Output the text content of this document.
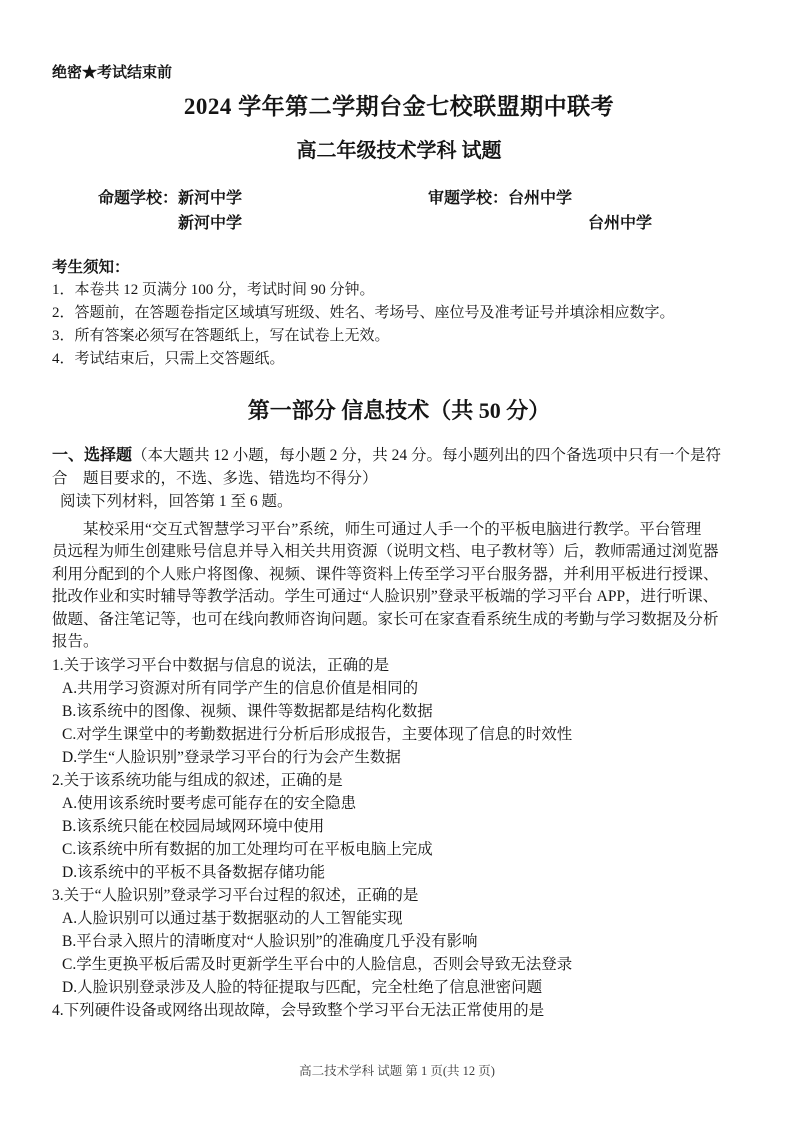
绝密★考试结束前
2024 学年第二学期台金七校联盟期中联考
高二年级技术学科 试题
命题学校：新河中学	审题学校：台州中学
新河中学	台州中学
考生须知：
1．本卷共 12 页满分 100 分，考试时间 90 分钟。
2．答题前，在答题卷指定区域填写班级、姓名、考场号、座位号及准考证号并填涂相应数字。
3．所有答案必须写在答题纸上，写在试卷上无效。
4．考试结束后，只需上交答题纸。
第一部分 信息技术（共 50 分）
一、选择题（本大题共 12 小题，每小题 2 分，共 24 分。每小题列出的四个备选项中只有一个是符
合　题目要求的，不选、多选、错选均不得分）
阅读下列材料，回答第 1 至 6 题。
某校采用“交互式智慧学习平台”系统，师生可通过人手一个的平板电脑进行教学。平台管理
员远程为师生创建账号信息并导入相关共用资源（说明文档、电子教材等）后，教师需通过浏览器
利用分配到的个人账户将图像、视频、课件等资料上传至学习平台服务器，并利用平板进行授课、
批改作业和实时辅导等教学活动。学生可通过“人脸识别”登录平板端的学习平台 APP，进行听课、
做题、备注笔记等，也可在线向教师咨询问题。家长可在家查看系统生成的考勤与学习数据及分析
报告。
1.关于该学习平台中数据与信息的说法，正确的是
A.共用学习资源对所有同学产生的信息价值是相同的
B.该系统中的图像、视频、课件等数据都是结构化数据
C.对学生课堂中的考勤数据进行分析后形成报告，主要体现了信息的时效性
D.学生“人脸识别”登录学习平台的行为会产生数据
2.关于该系统功能与组成的叙述，正确的是
A.使用该系统时要考虑可能存在的安全隐患
B.该系统只能在校园局域网环境中使用
C.该系统中所有数据的加工处理均可在平板电脑上完成
D.该系统中的平板不具备数据存储功能
3.关于“人脸识别”登录学习平台过程的叙述，正确的是
A.人脸识别可以通过基于数据驱动的人工智能实现
B.平台录入照片的清晰度对“人脸识别”的准确度几乎没有影响
C.学生更换平板后需及时更新学生平台中的人脸信息，否则会导致无法登录
D.人脸识别登录涉及人脸的特征提取与匹配，完全杜绝了信息泄密问题
4.下列硬件设备或网络出现故障，会导致整个学习平台无法正常使用的是
高二技术学科 试题 第 1 页(共 12 页)
